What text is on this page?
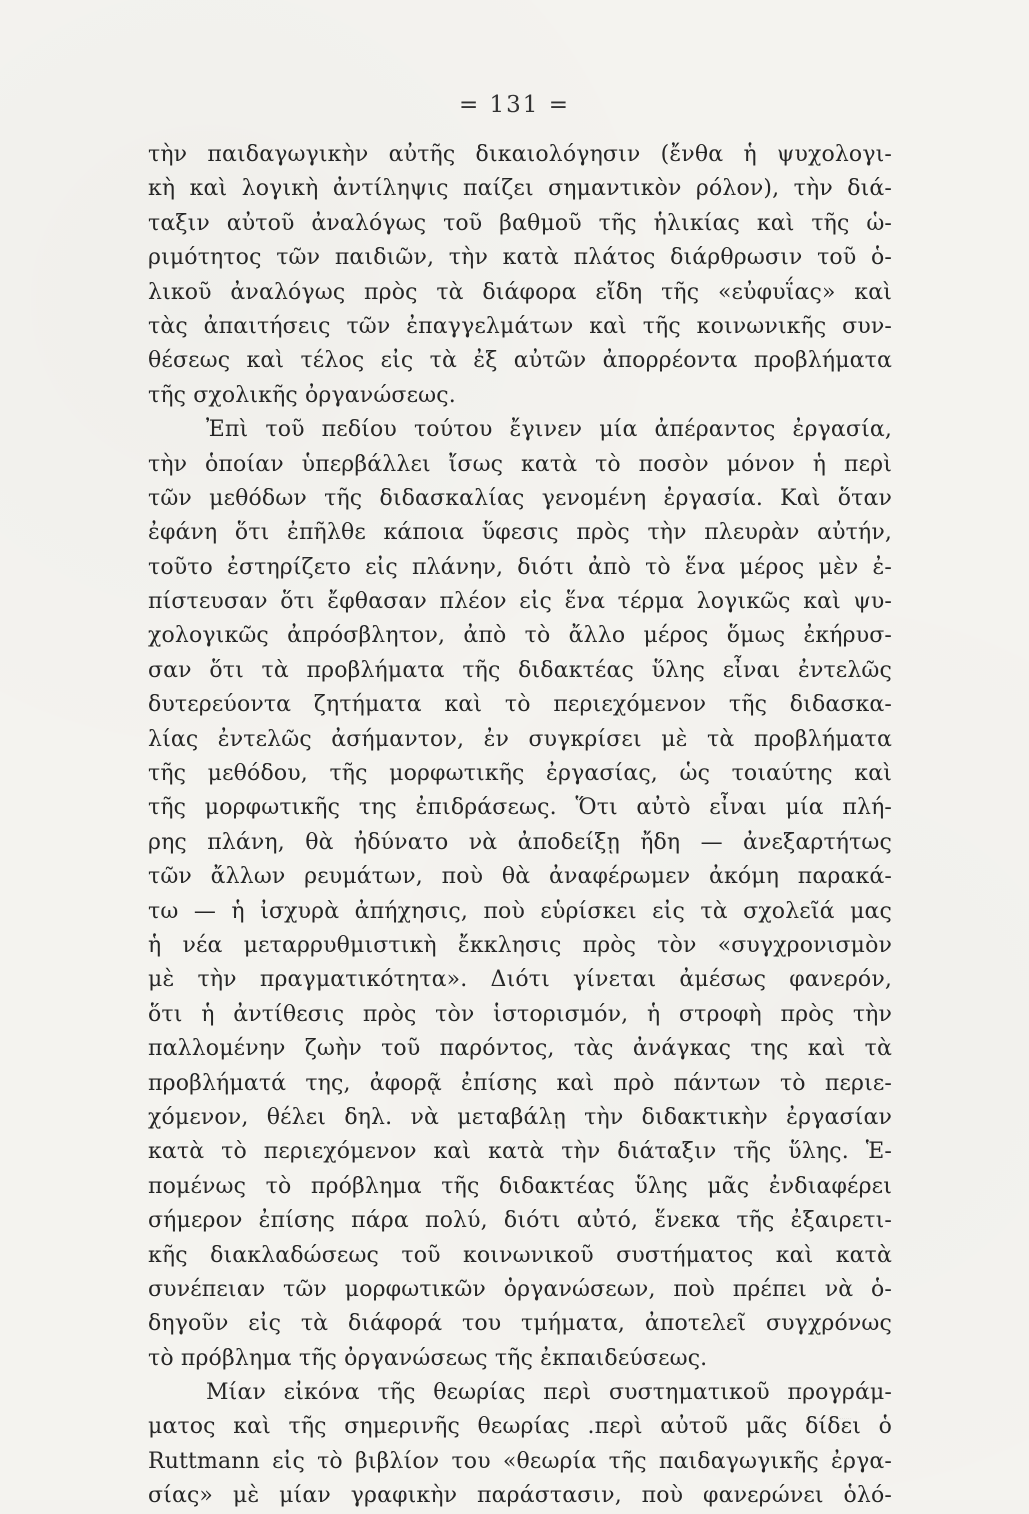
= 131 =
τὴν παιδαγωγικὴν αὐτῆς δικαιολόγησιν (ἔνθα ἡ ψυχολογι-
κὴ καὶ λογικὴ ἀντίληψις παίζει σημαντικὸν ρόλον), τὴν διά-
ταξιν αὐτοῦ ἀναλόγως τοῦ βαθμοῦ τῆς ἡλικίας καὶ τῆς ὡ-
ριμότητος τῶν παιδιῶν, τὴν κατὰ πλάτος διάρθρωσιν τοῦ ὁ-
λικοῦ ἀναλόγως πρὸς τὰ διάφορα εἴδη τῆς «εὐφυΐας» καὶ
τὰς ἀπαιτήσεις τῶν ἐπαγγελμάτων καὶ τῆς κοινωνικῆς συν-
θέσεως καὶ τέλος εἰς τὰ ἐξ αὐτῶν ἀπορρέοντα προβλήματα
τῆς σχολικῆς ὀργανώσεως.
Ἐπὶ τοῦ πεδίου τούτου ἔγινεν μία ἀπέραντος ἐργασία,
τὴν ὁποίαν ὑπερβάλλει ἴσως κατὰ τὸ ποσὸν μόνον ἡ περὶ
τῶν μεθόδων τῆς διδασκαλίας γενομένη ἐργασία. Καὶ ὅταν
ἐφάνη ὅτι ἐπῆλθε κάποια ὕφεσις πρὸς τὴν πλευρὰν αὐτήν,
τοῦτο ἐστηρίζετο εἰς πλάνην, διότι ἀπὸ τὸ ἕνα μέρος μὲν ἐ-
πίστευσαν ὅτι ἔφθασαν πλέον εἰς ἕνα τέρμα λογικῶς καὶ ψυ-
χολογικῶς ἀπρόσβλητον, ἀπὸ τὸ ἄλλο μέρος ὅμως ἐκήρυσ-
σαν ὅτι τὰ προβλήματα τῆς διδακτέας ὕλης εἶναι ἐντελῶς
δυτερεύοντα ζητήματα καὶ τὸ περιεχόμενον τῆς διδασκα-
λίας ἐντελῶς ἀσήμαντον, ἐν συγκρίσει μὲ τὰ προβλήματα
τῆς μεθόδου, τῆς μορφωτικῆς ἐργασίας, ὡς τοιαύτης καὶ
τῆς μορφωτικῆς της ἐπιδράσεως. Ὅτι αὐτὸ εἶναι μία πλή-
ρης πλάνη, θὰ ἠδύνατο νὰ ἀποδείξῃ ἤδη — ἀνεξαρτήτως
τῶν ἄλλων ρευμάτων, ποὺ θὰ ἀναφέρωμεν ἀκόμη παρακά-
τω — ἡ ἰσχυρὰ ἀπήχησις, ποὺ εὑρίσκει εἰς τὰ σχολεῖά μας
ἡ νέα μεταρρυθμιστικὴ ἔκκλησις πρὸς τὸν «συγχρονισμὸν
μὲ τὴν πραγματικότητα». Διότι γίνεται ἀμέσως φανερόν,
ὅτι ἡ ἀντίθεσις πρὸς τὸν ἱστορισμόν, ἡ στροφὴ πρὸς τὴν
παλλομένην ζωὴν τοῦ παρόντος, τὰς ἀνάγκας της καὶ τὰ
προβλήματά της, ἀφορᾷ ἐπίσης καὶ πρὸ πάντων τὸ περιε-
χόμενον, θέλει δηλ. νὰ μεταβάλῃ τὴν διδακτικὴν ἐργασίαν
κατὰ τὸ περιεχόμενον καὶ κατὰ τὴν διάταξιν τῆς ὕλης. Ἑ-
πομένως τὸ πρόβλημα τῆς διδακτέας ὕλης μᾶς ἐνδιαφέρει
σήμερον ἐπίσης πάρα πολύ, διότι αὐτό, ἕνεκα τῆς ἐξαιρετι-
κῆς διακλαδώσεως τοῦ κοινωνικοῦ συστήματος καὶ κατὰ
συνέπειαν τῶν μορφωτικῶν ὀργανώσεων, ποὺ πρέπει νὰ ὁ-
δηγοῦν εἰς τὰ διάφορά του τμήματα, ἀποτελεῖ συγχρόνως
τὸ πρόβλημα τῆς ὀργανώσεως τῆς ἐκπαιδεύσεως.
Μίαν εἰκόνα τῆς θεωρίας περὶ συστηματικοῦ προγράμ-
ματος καὶ τῆς σημερινῆς θεωρίας .περὶ αὐτοῦ μᾶς δίδει ὁ
Ruttmann εἰς τὸ βιβλίον του «θεωρία τῆς παιδαγωγικῆς ἐργα-
σίας» μὲ μίαν γραφικὴν παράστασιν, ποὺ φανερώνει ὁλό-
